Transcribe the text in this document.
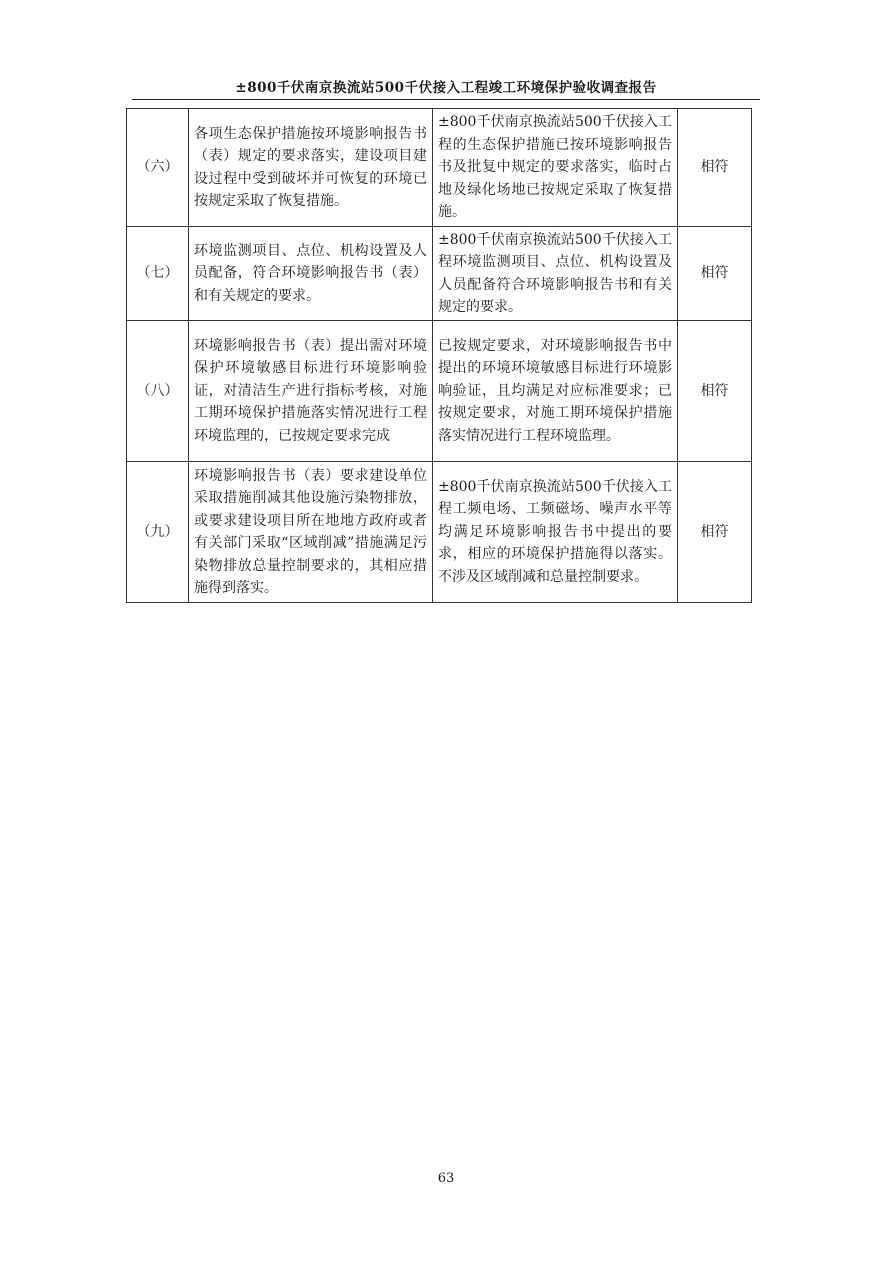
±800千伏南京换流站500千伏接入工程竣工环境保护验收调查报告
（六）	各项生态保护措施按环境影响报告书（表）规定的要求落实，建设项目建设过程中受到破坏并可恢复的环境已按规定采取了恢复措施。	±800千伏南京换流站500千伏接入工程的生态保护措施已按环境影响报告书及批复中规定的要求落实，临时占地及绿化场地已按规定采取了恢复措施。	相符
（七）	环境监测项目、点位、机构设置及人员配备，符合环境影响报告书（表）和有关规定的要求。	±800千伏南京换流站500千伏接入工程环境监测项目、点位、机构设置及人员配备符合环境影响报告书和有关规定的要求。	相符
（八）	环境影响报告书（表）提出需对环境保护环境敏感目标进行环境影响验证，对清洁生产进行指标考核，对施工期环境保护措施落实情况进行工程环境监理的，已按规定要求完成	已按规定要求，对环境影响报告书中提出的环境环境敏感目标进行环境影响验证，且均满足对应标准要求；已按规定要求，对施工期环境保护措施落实情况进行工程环境监理。	相符
（九）	环境影响报告书（表）要求建设单位采取措施削减其他设施污染物排放，或要求建设项目所在地地方政府或者有关部门采取“区域削减”措施满足污染物排放总量控制要求的，其相应措施得到落实。	±800千伏南京换流站500千伏接入工程工频电场、工频磁场、噪声水平等均满足环境影响报告书中提出的要求，相应的环境保护措施得以落实。不涉及区域削减和总量控制要求。	相符
63
